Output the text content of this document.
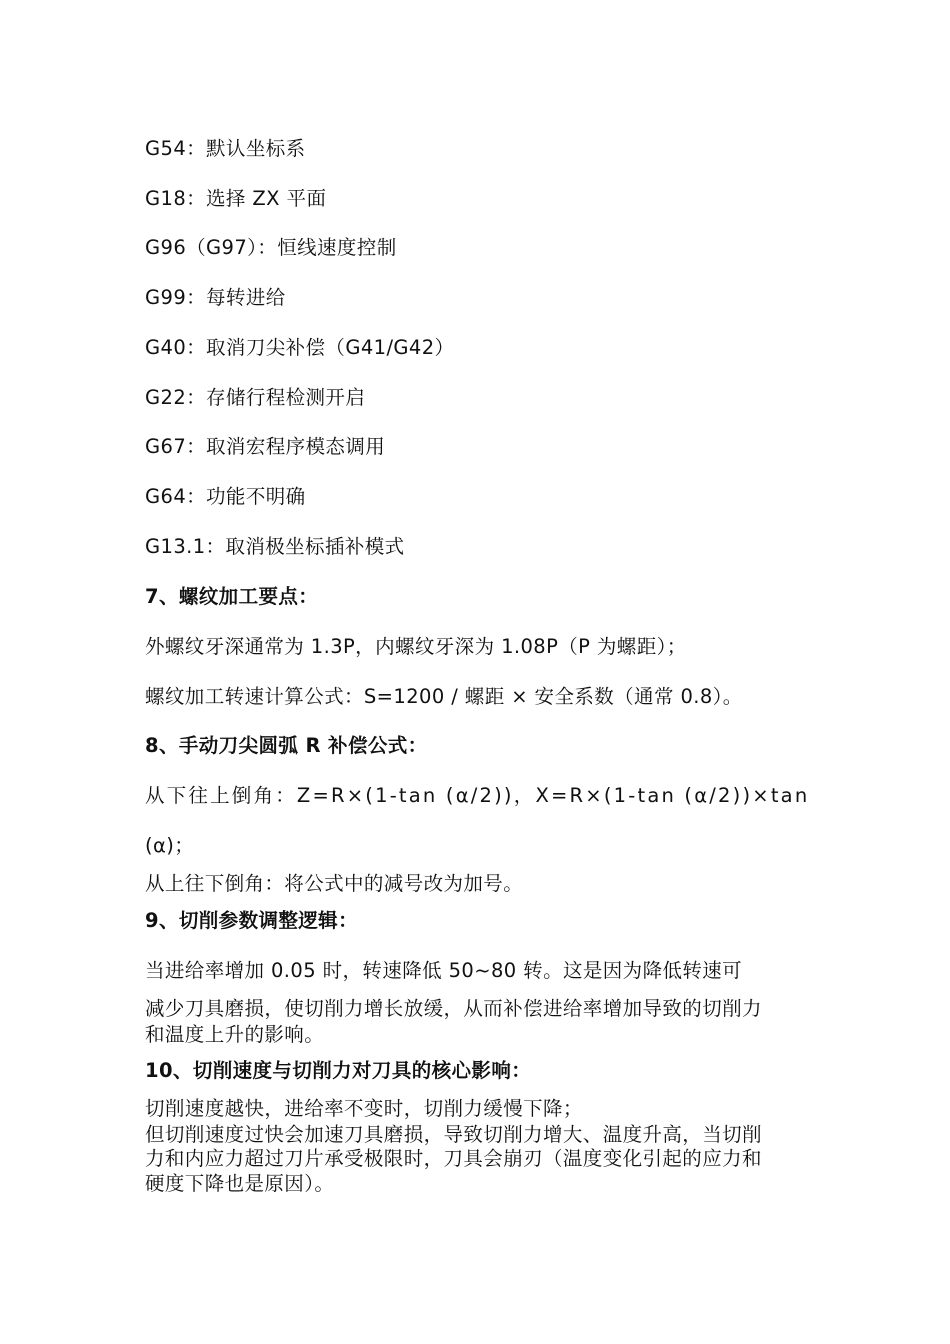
G54：默认坐标系

G18：选择 ZX 平面

G96（G97）：恒线速度控制

G99：每转进给

G40：取消刀尖补偿（G41/G42）

G22：存储行程检测开启

G67：取消宏程序模态调用

G64：功能不明确

G13.1：取消极坐标插补模式

7、螺纹加工要点：

外螺纹牙深通常为 1.3P，内螺纹牙深为 1.08P（P 为螺距）；

螺纹加工转速计算公式：S=1200 / 螺距 × 安全系数（通常 0.8）。

8、手动刀尖圆弧 R 补偿公式：

从下往上倒角：Z=R×(1-tan (α/2))，X=R×(1-tan (α/2))×tan

(α)；

从上往下倒角：将公式中的减号改为加号。

9、切削参数调整逻辑：

当进给率增加 0.05 时，转速降低 50~80 转。这是因为降低转速可

减少刀具磨损，使切削力增长放缓，从而补偿进给率增加导致的切削力

和温度上升的影响。

10、切削速度与切削力对刀具的核心影响：

切削速度越快，进给率不变时，切削力缓慢下降；

但切削速度过快会加速刀具磨损，导致切削力增大、温度升高，当切削

力和内应力超过刀片承受极限时，刀具会崩刃（温度变化引起的应力和

硬度下降也是原因）。
